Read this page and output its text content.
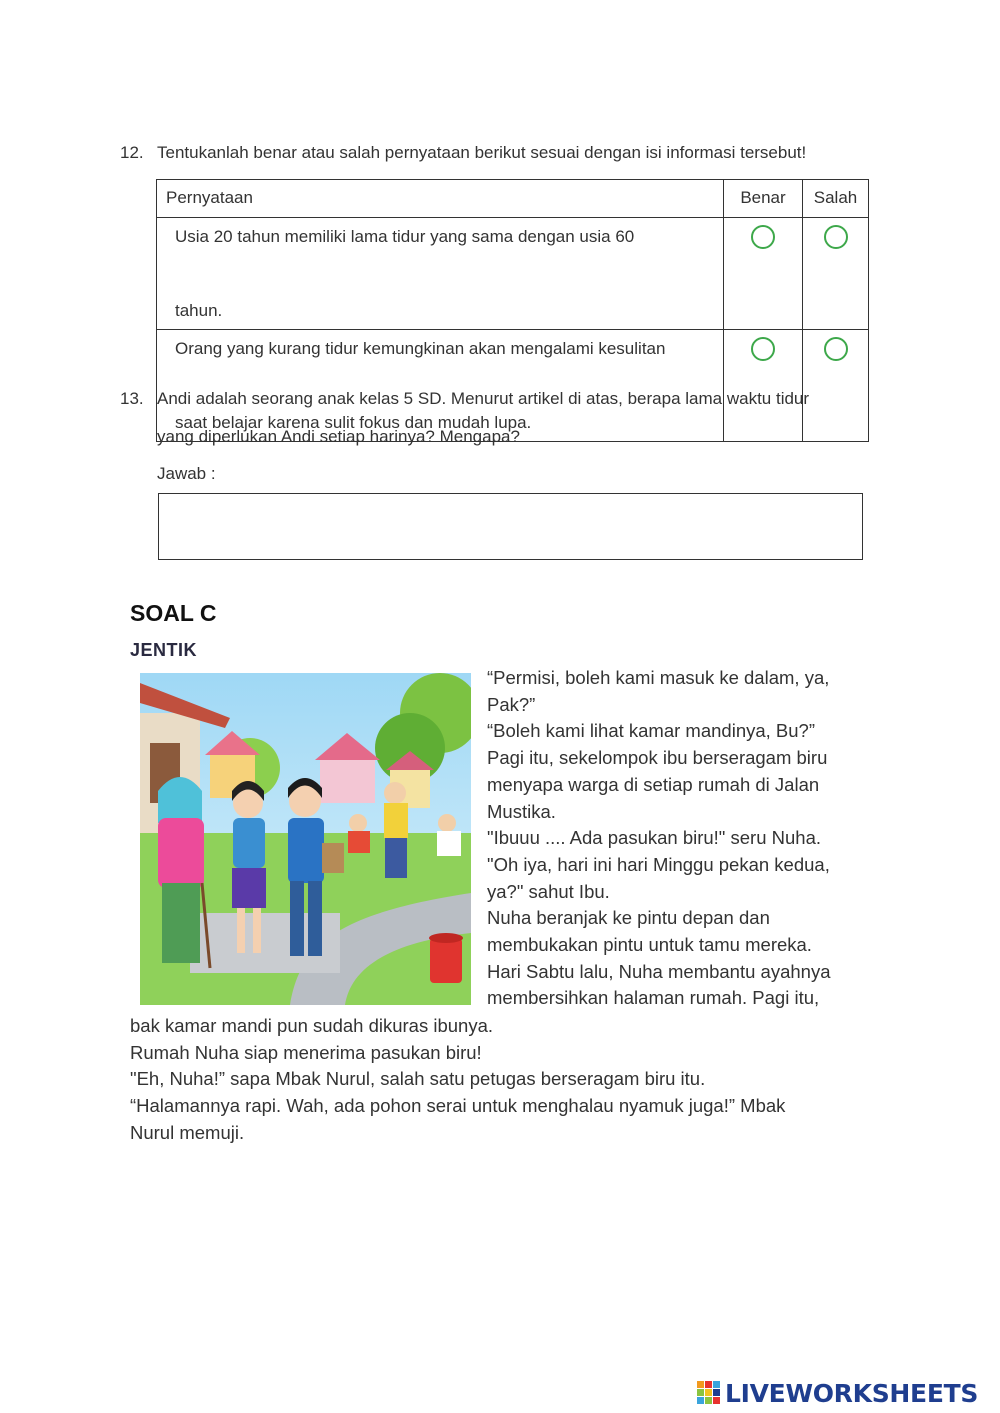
12. Tentukanlah benar atau salah pernyataan berikut sesuai dengan isi informasi tersebut!
Pernyataan	Benar	Salah

Usia 20 tahun memiliki lama tidur yang sama dengan usia 60

tahun.		

Orang yang kurang tidur kemungkinan akan mengalami kesulitan

saat belajar karena sulit fokus dan mudah lupa.		

13. Andi adalah seorang anak kelas 5 SD. Menurut artikel di atas, berapa lama waktu tidur
yang diperlukan Andi setiap harinya? Mengapa?
Jawab :
SOAL C
JENTIK
“Permisi, boleh kami masuk ke dalam, ya,
Pak?”
“Boleh kami lihat kamar mandinya, Bu?”
Pagi itu, sekelompok ibu berseragam biru
menyapa warga di setiap rumah di Jalan
Mustika.
"Ibuuu .... Ada pasukan biru!" seru Nuha.
"Oh iya, hari ini hari Minggu pekan kedua,
ya?" sahut Ibu.
Nuha beranjak ke pintu depan dan
membukakan pintu untuk tamu mereka.
Hari Sabtu lalu, Nuha membantu ayahnya
membersihkan halaman rumah. Pagi itu,
bak kamar mandi pun sudah dikuras ibunya.
Rumah Nuha siap menerima pasukan biru!
"Eh, Nuha!” sapa Mbak Nurul, salah satu petugas berseragam biru itu.
“Halamannya rapi. Wah, ada pohon serai untuk menghalau nyamuk juga!” Mbak
Nurul memuji.
LIVEWORKSHEETS
